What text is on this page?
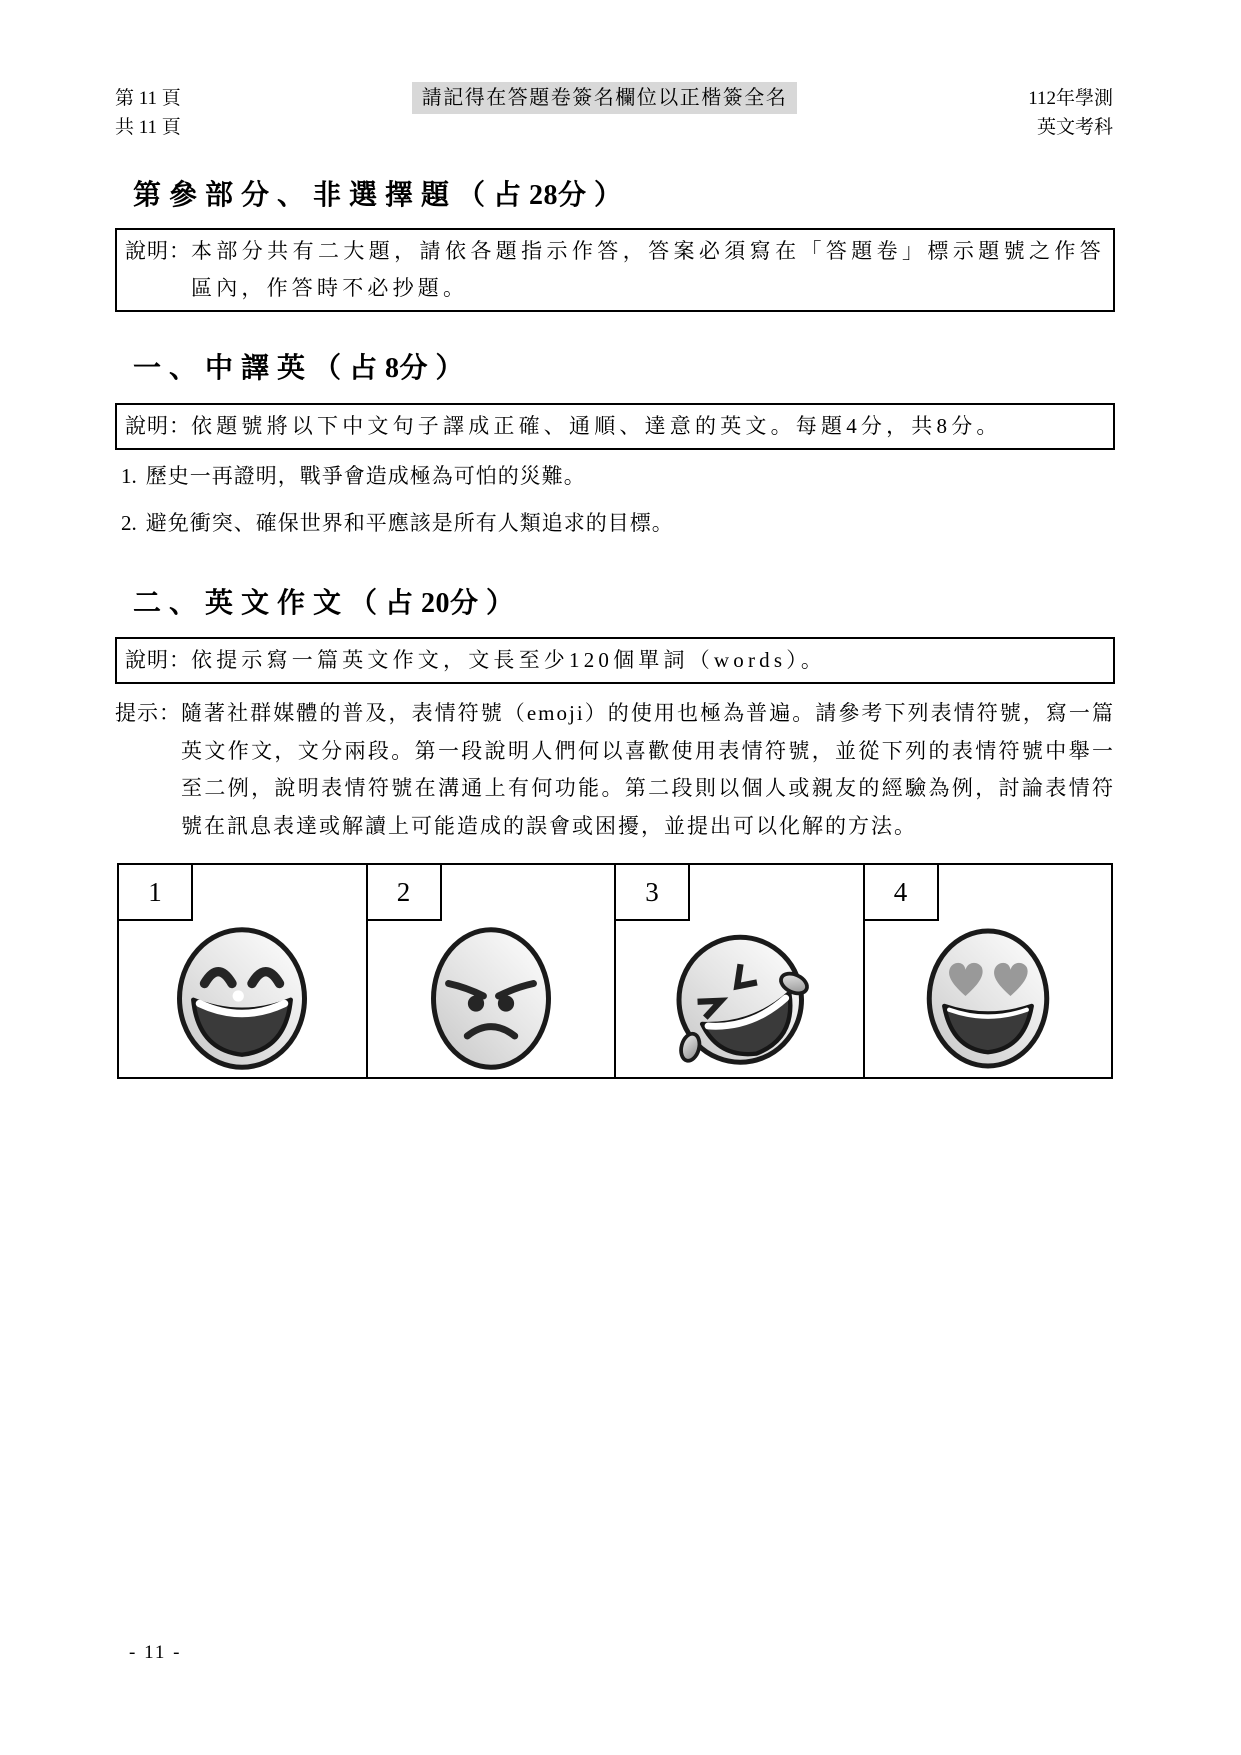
第 11 頁
共 11 頁
請記得在答題卷簽名欄位以正楷簽全名	112年學測
英文考科
第 參 部 分 、 非 選 擇 題 （ 占 28分 ）
說明： 本部分共有二大題，請依各題指示作答，答案必須寫在「答題卷」標示題號之作答區內，作答時不必抄題。
一 、 中 譯 英 （ 占 8分 ）
說明： 依題號將以下中文句子譯成正確、通順、達意的英文。每題4分，共8分。
1. 歷史一再證明，戰爭會造成極為可怕的災難。
2. 避免衝突、確保世界和平應該是所有人類追求的目標。
二 、 英 文 作 文 （ 占 20分 ）
說明： 依提示寫一篇英文作文，文長至少120個單詞（words）。
提示： 隨著社群媒體的普及，表情符號（emoji）的使用也極為普遍。請參考下列表情符號，寫一篇英文作文，文分兩段。第一段說明人們何以喜歡使用表情符號，並從下列的表情符號中舉一至二例，說明表情符號在溝通上有何功能。第二段則以個人或親友的經驗為例，討論表情符號在訊息表達或解讀上可能造成的誤會或困擾，並提出可以化解的方法。
1	2	3	4
- 11 -
